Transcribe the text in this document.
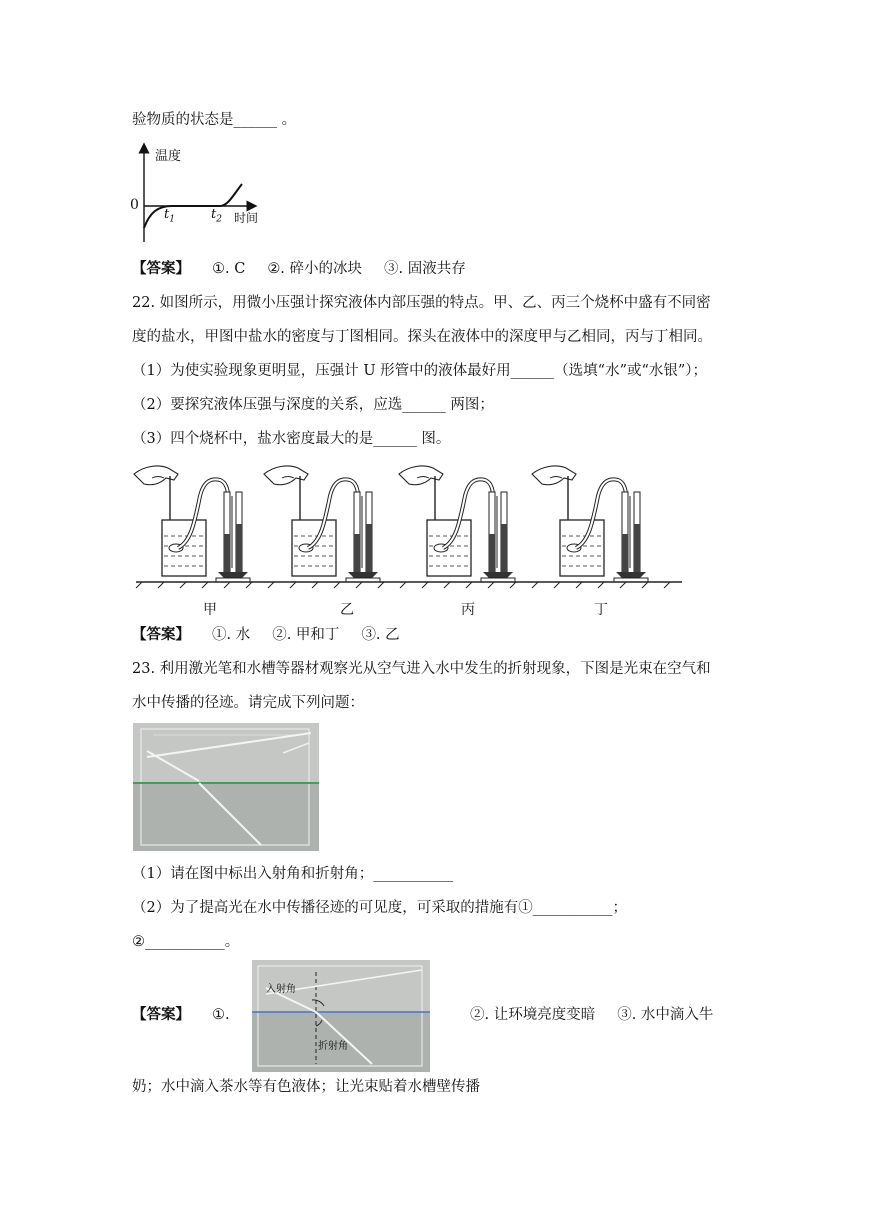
验物质的状态是______ 。
温度
0
$t_1$	$t_2$ 时间
【答案】 ①. C ②. 碎小的冰块 ③. 固液共存
22. 如图所示，用微小压强计探究液体内部压强的特点。甲、乙、丙三个烧杯中盛有不同密
度的盐水，甲图中盐水的密度与丁图相同。探头在液体中的深度甲与乙相同，丙与丁相同。
（1）为使实验现象更明显，压强计 U 形管中的液体最好用______（选填“水”或“水银”）；
（2）要探究液体压强与深度的关系，应选______ 两图；
（3）四个烧杯中，盐水密度最大的是______ 图。
甲	乙	丙	丁
【答案】 ①. 水 ②. 甲和丁 ③. 乙
23. 利用激光笔和水槽等器材观察光从空气进入水中发生的折射现象，下图是光束在空气和
水中传播的径迹。请完成下列问题：
（1）请在图中标出入射角和折射角；___________
（2）为了提高光在水中传播径迹的可见度，可采取的措施有①___________；
②___________。
【答案】 ①.
入射角
折射角
②. 让环境亮度变暗 ③. 水中滴入牛
奶；水中滴入茶水等有色液体；让光束贴着水槽壁传播
